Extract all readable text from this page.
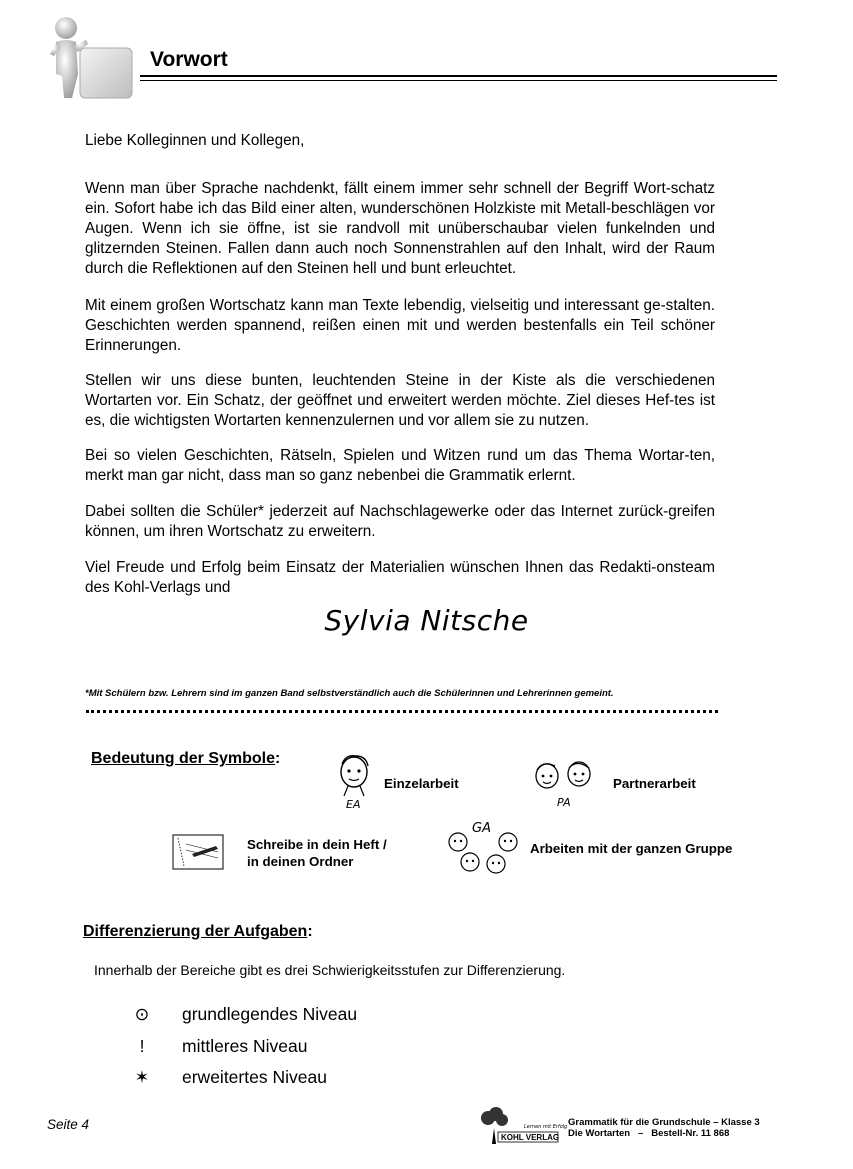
Vorwort
Liebe Kolleginnen und Kollegen,
Wenn man über Sprache nachdenkt, fällt einem immer sehr schnell der Begriff Wort-schatz ein. Sofort habe ich das Bild einer alten, wunderschönen Holzkiste mit Metall-beschlägen vor Augen. Wenn ich sie öffne, ist sie randvoll mit unüberschaubar vielen funkelnden und glitzernden Steinen. Fallen dann auch noch Sonnenstrahlen auf den Inhalt, wird der Raum durch die Reflektionen auf den Steinen hell und bunt erleuchtet.
Mit einem großen Wortschatz kann man Texte lebendig, vielseitig und interessant ge-stalten. Geschichten werden spannend, reißen einen mit und werden bestenfalls ein Teil schöner Erinnerungen.
Stellen wir uns diese bunten, leuchtenden Steine in der Kiste als die verschiedenen Wortarten vor. Ein Schatz, der geöffnet und erweitert werden möchte. Ziel dieses Hef-tes ist es, die wichtigsten Wortarten kennenzulernen und vor allem sie zu nutzen.
Bei so vielen Geschichten, Rätseln, Spielen und Witzen rund um das Thema Wortar-ten, merkt man gar nicht, dass man so ganz nebenbei die Grammatik erlernt.
Dabei sollten die Schüler* jederzeit auf Nachschlagewerke oder das Internet zurück-greifen können, um ihren Wortschatz zu erweitern.
Viel Freude und Erfolg beim Einsatz der Materialien wünschen Ihnen das Redakti-onsteam des Kohl-Verlags und
Sylvia Nitsche
*Mit Schülern bzw. Lehrern sind im ganzen Band selbstverständlich auch die Schülerinnen und Lehrerinnen gemeint.
Bedeutung der Symbole:
EA
Einzelarbeit
PA
Partnerarbeit
Schreibe in dein Heft /
in deinen Ordner
GA
Arbeiten mit der ganzen Gruppe
Differenzierung der Aufgaben:
Innerhalb der Bereiche gibt es drei Schwierigkeitsstufen zur Differenzierung.
⊙ grundlegendes Niveau
! mittleres Niveau
✶ erweitertes Niveau
Seite 4	Lernen mit Erfolg
KOHL VERLAG
Grammatik für die Grundschule – Klasse 3
Die Wortarten   –   Bestell-Nr. 11 868
